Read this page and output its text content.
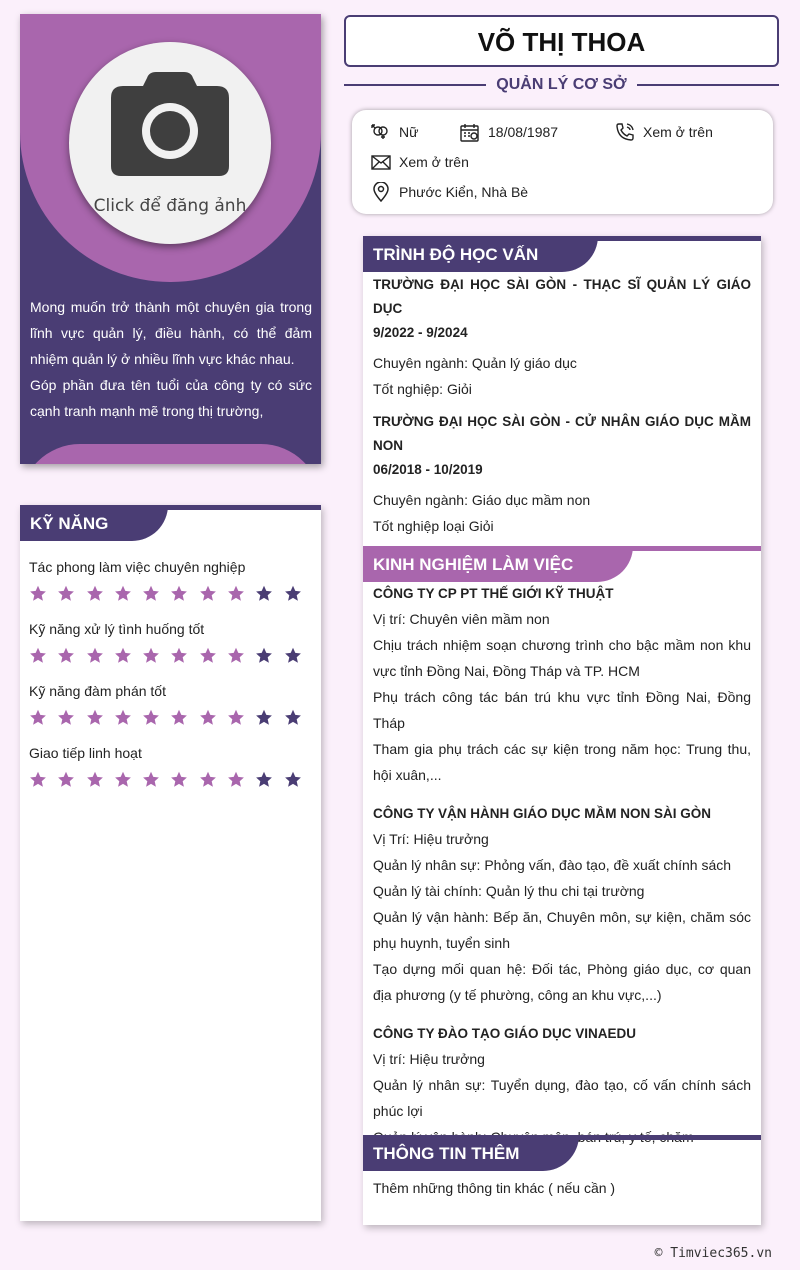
Click để đăng ảnh
Mong muốn trở thành một chuyên gia trong lĩnh vực quản lý, điều hành, có thể đảm nhiệm quản lý ở nhiều lĩnh vực khác nhau.
Góp phần đưa tên tuổi của công ty có sức cạnh tranh mạnh mẽ trong thị trường,
KỸ NĂNG
Tác phong làm việc chuyên nghiệp
Kỹ năng xử lý tình huống tốt
Kỹ năng đàm phán tốt
Giao tiếp linh hoạt
VÕ THỊ THOA
QUẢN LÝ CƠ SỞ
Nữ	18/08/1987	Xem ở trên
Xem ở trên
Phước Kiển, Nhà Bè
TRÌNH ĐỘ HỌC VẤN
TRƯỜNG ĐẠI HỌC SÀI GÒN - THẠC SĨ QUẢN LÝ GIÁO DỤC
9/2022 - 9/2024
Chuyên ngành: Quản lý giáo dục
Tốt nghiệp: Giỏi
TRƯỜNG ĐẠI HỌC SÀI GÒN - CỬ NHÂN GIÁO DỤC MẦM NON
06/2018 - 10/2019
Chuyên ngành: Giáo dục mầm non
Tốt nghiệp loại Giỏi
KINH NGHIỆM LÀM VIỆC
CÔNG TY CP PT THẾ GIỚI KỸ THUẬT
Vị trí: Chuyên viên mầm non
Chịu trách nhiệm soạn chương trình cho bậc mầm non khu vực tỉnh Đồng Nai, Đồng Tháp và TP. HCM
Phụ trách công tác bán trú khu vực tỉnh Đồng Nai, Đồng Tháp
Tham gia phụ trách các sự kiện trong năm học: Trung thu, hội xuân,...
CÔNG TY VẬN HÀNH GIÁO DỤC MẦM NON SÀI GÒN
Vị Trí: Hiệu trưởng
Quản lý nhân sự: Phỏng vấn, đào tạo, đề xuất chính sách
Quản lý tài chính: Quản lý thu chi tại trường
Quản lý vận hành: Bếp ăn, Chuyên môn, sự kiện, chăm sóc phụ huynh, tuyển sinh
Tạo dựng mối quan hệ: Đối tác, Phòng giáo dục, cơ quan địa phương (y tế phường, công an khu vực,...)
CÔNG TY ĐÀO TẠO GIÁO DỤC VINAEDU
Vị trí: Hiệu trưởng
Quản lý nhân sự: Tuyển dụng, đào tạo, cố vấn chính sách phúc lợi
THÔNG TIN THÊM
Thêm những thông tin khác ( nếu cần )
© Timviec365.vn
